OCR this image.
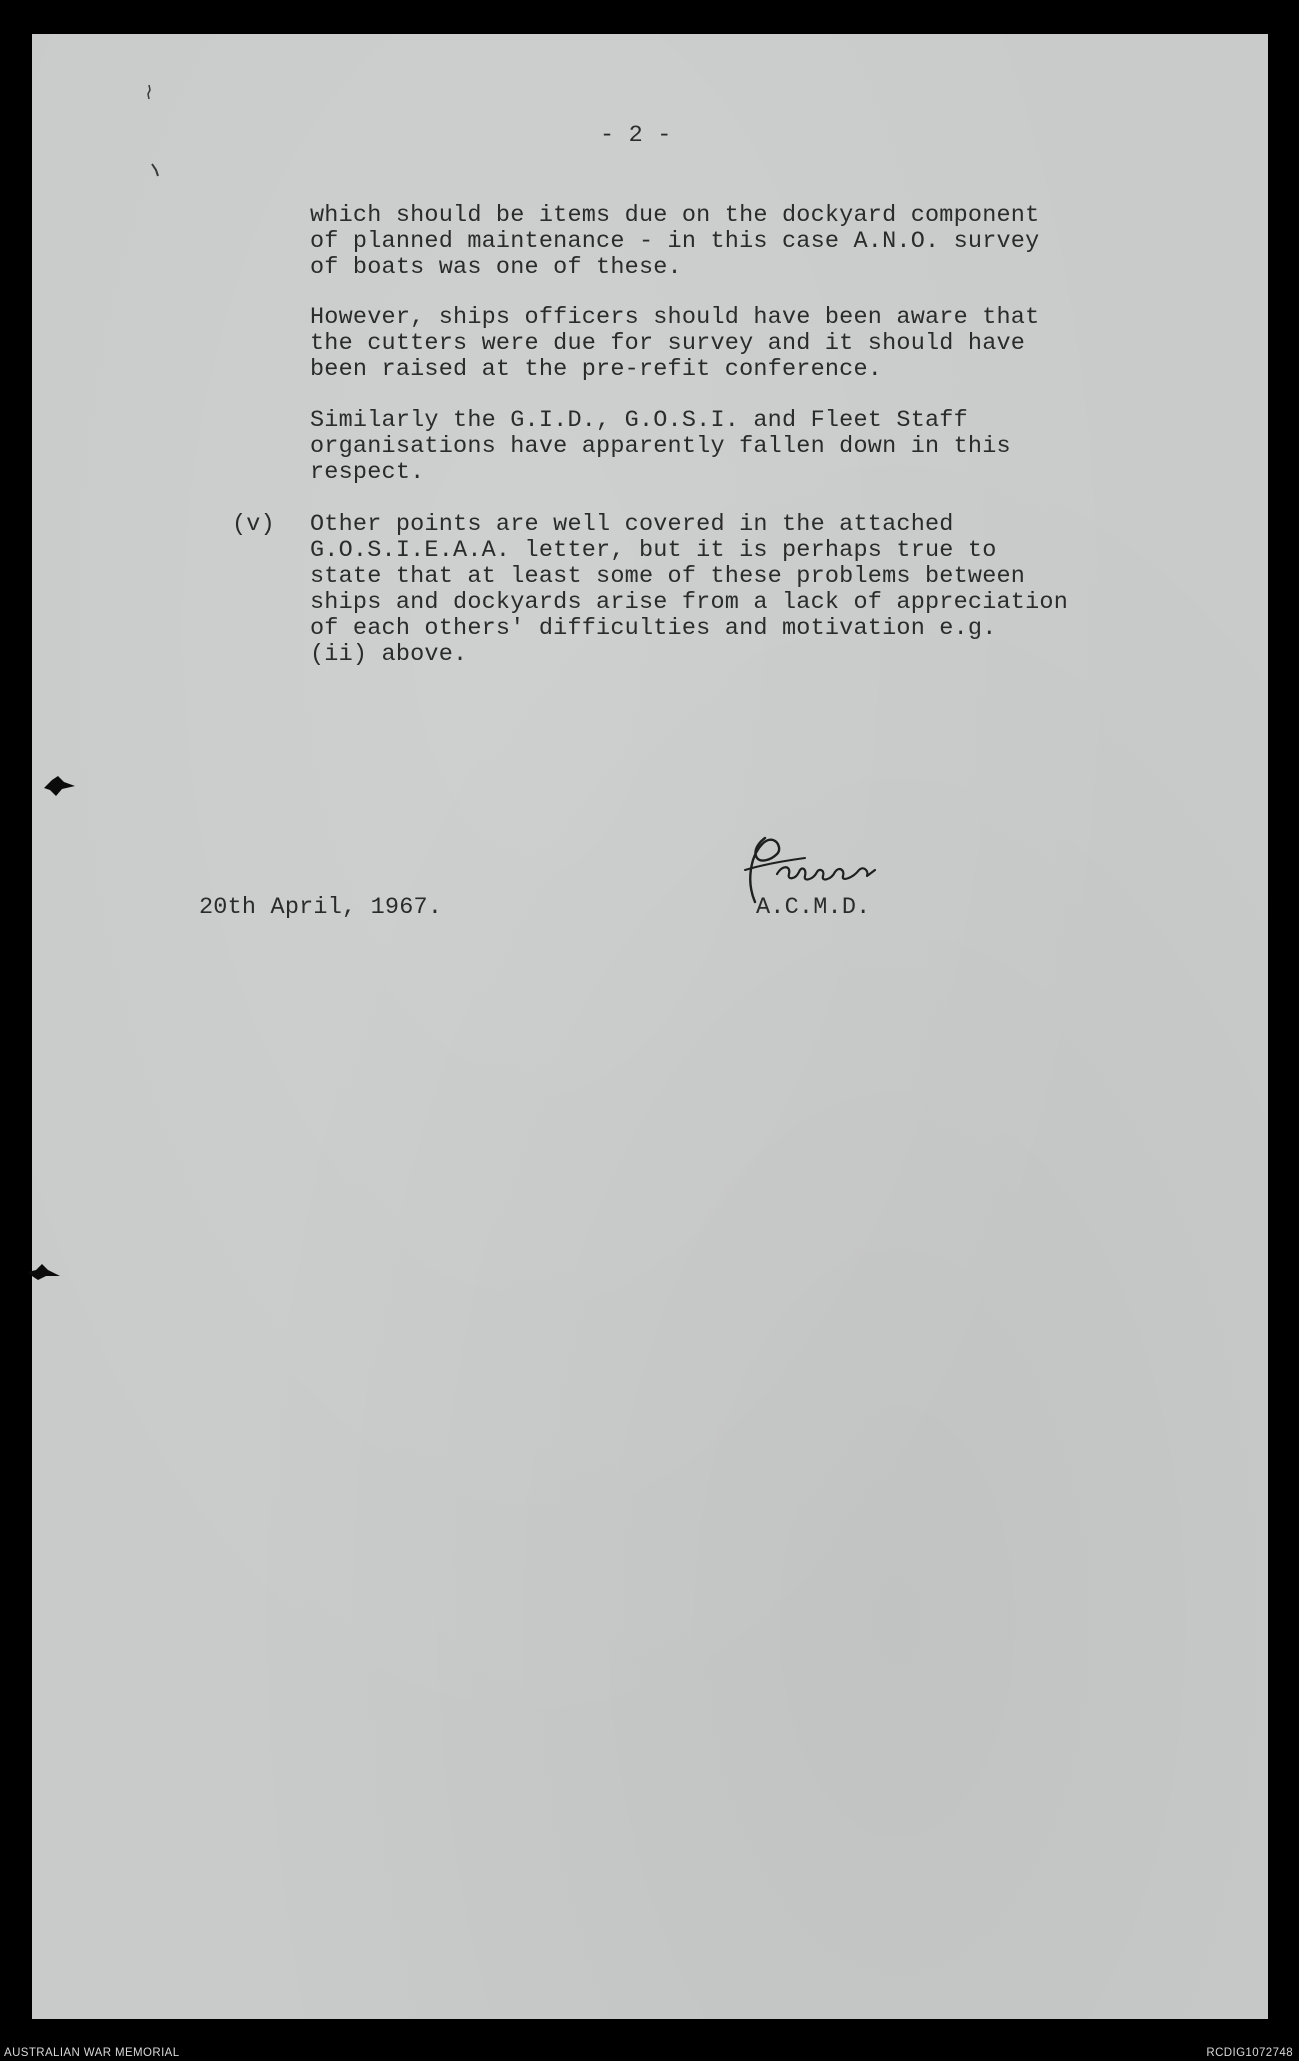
- 2 -
which should be items due on the dockyard component
of planned maintenance - in this case A.N.O. survey
of boats was one of these.
However, ships officers should have been aware that
the cutters were due for survey and it should have
been raised at the pre-refit conference.
Similarly the G.I.D., G.O.S.I. and Fleet Staff
organisations have apparently fallen down in this
respect.
(v) Other points are well covered in the attached
G.O.S.I.E.A.A. letter, but it is perhaps true to
state that at least some of these problems between
ships and dockyards arise from a lack of appreciation
of each others' difficulties and motivation e.g.
(ii) above.
20th April, 1967.	A.C.M.D.
AUSTRALIAN WAR MEMORIAL	RCDIG1072748
